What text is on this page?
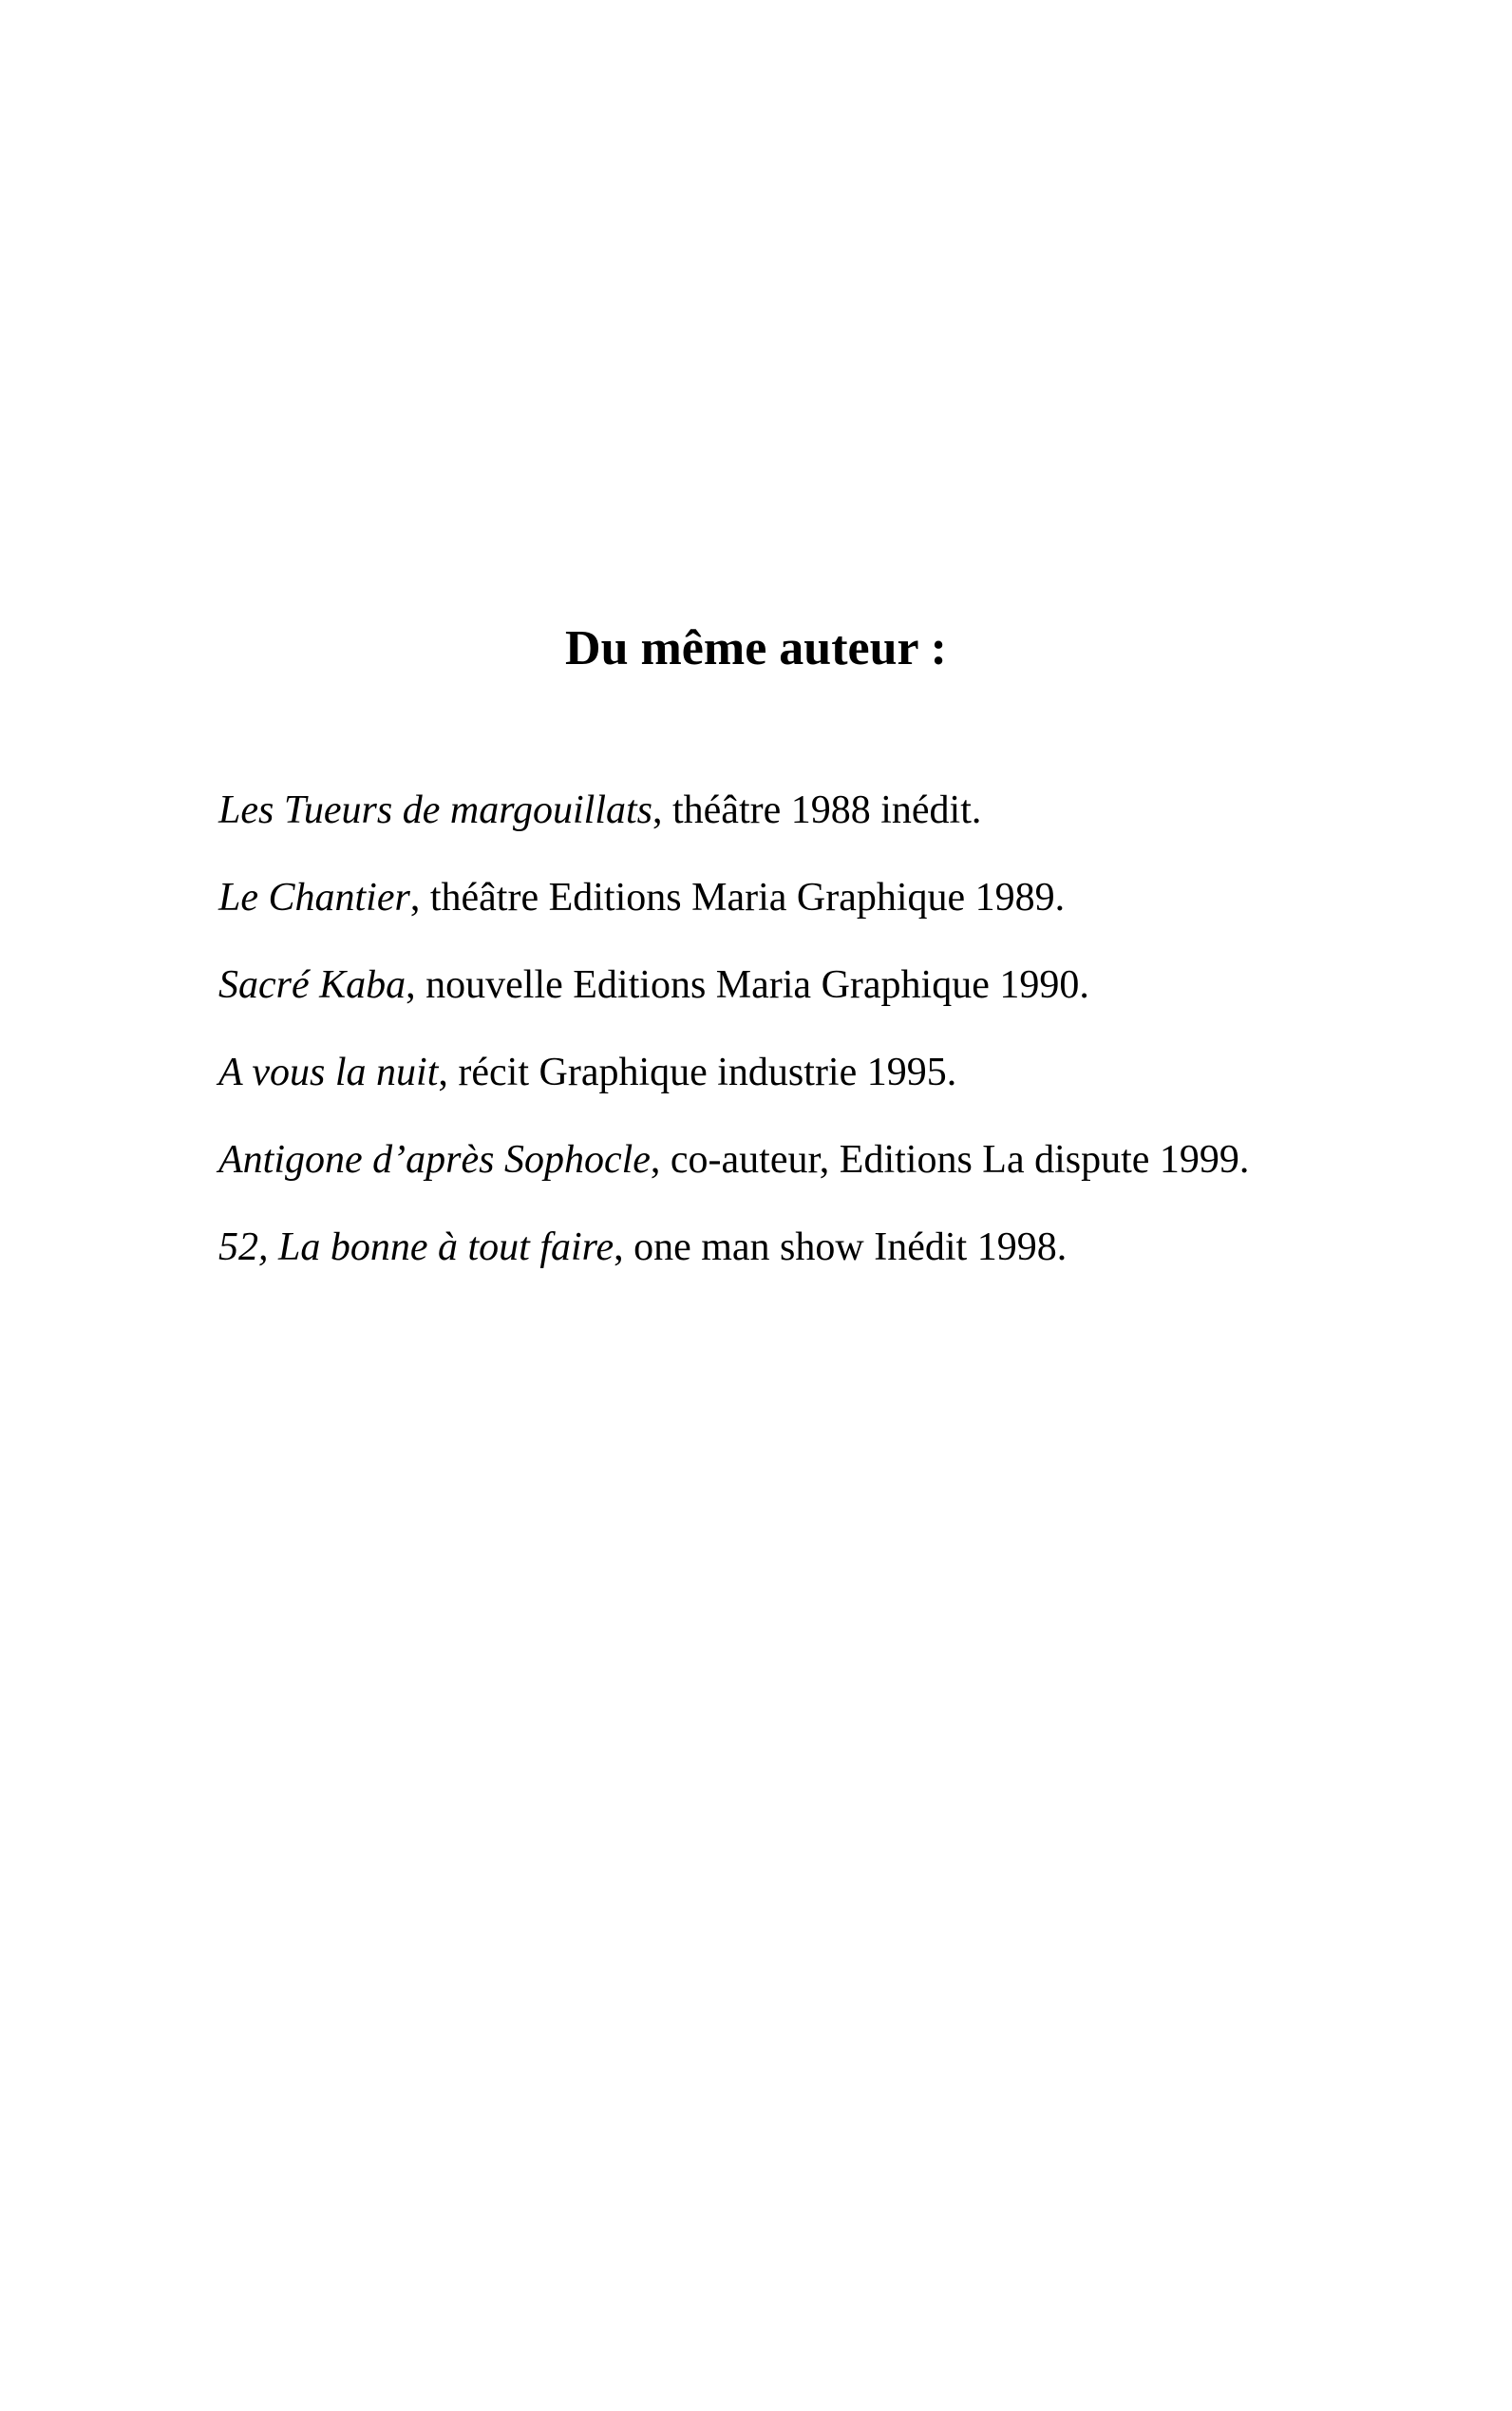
Du même auteur :
Les Tueurs de margouillats, théâtre 1988 inédit.
Le Chantier, théâtre Editions Maria Graphique 1989.
Sacré Kaba, nouvelle Editions Maria Graphique 1990.
A vous la nuit, récit Graphique industrie 1995.
Antigone d’après Sophocle, co-auteur, Editions La dispute 1999.
52, La bonne à tout faire, one man show Inédit 1998.
